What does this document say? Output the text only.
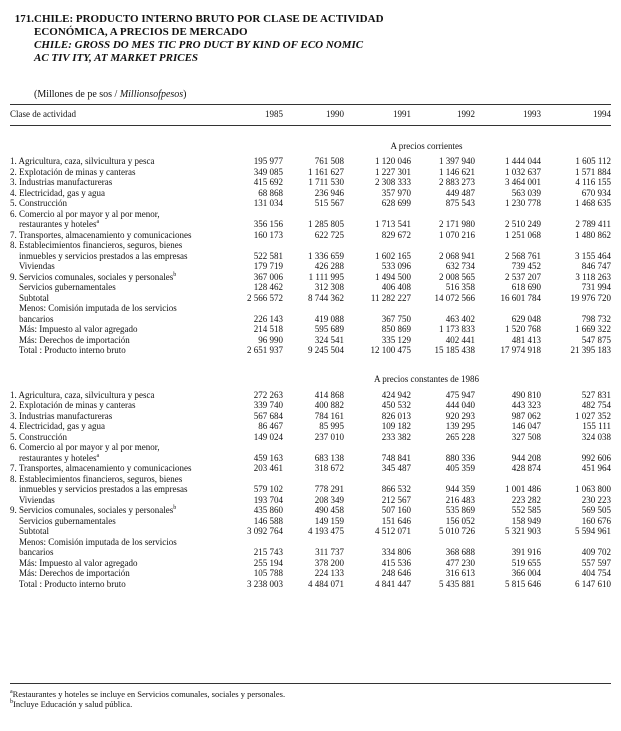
171.CHILE: PRODUCTO INTERNO BRUTO POR CLASE DE ACTIVIDAD
ECONÓMICA, A PRECIOS DE MERCADO
CHILE: GROSS DO MES TIC PRO DUCT BY KIND OF ECO NOMIC
AC TIV ITY, AT MARKET PRICES
(Millones de pe sos / Millionsofpesos)
Clase de actividad	1985	1990	1991	1992	1993	1994

	A precios corrientes					
1. Agricultura, caza, silvicultura y pesca	195 977	761 508	1 120 046	1 397 940	1 444 044	1 605 112
2. Explotación de minas y canteras	349 085	1 161 627	1 227 301	1 146 621	1 032 637	1 571 884
3. Industrias manufactureras	415 692	1 711 530	2 308 333	2 883 273	3 464 001	4 116 155
4. Electricidad, gas y agua	68 868	236 946	357 970	449 487	563 039	670 934
5. Construcción	131 034	515 567	628 699	875 543	1 230 778	1 468 635
6. Comercio al por mayor y al por menor,						
restaurantes y hoteles$^a$	356 156	1 285 805	1 713 541	2 171 980	2 510 249	2 789 411
7. Transportes, almacenamiento y comunicaciones	160 173	622 725	829 672	1 070 216	1 251 068	1 480 862
8. Establecimientos financieros, seguros, bienes						
inmuebles y servicios prestados a las empresas	522 581	1 336 659	1 602 165	2 068 941	2 568 761	3 155 464
Viviendas	179 719	426 288	533 096	632 734	739 452	846 747
9. Servicios comunales, sociales y personales$^b$	367 006	1 111 995	1 494 500	2 008 565	2 537 207	3 118 263
Servicios gubernamentales	128 462	312 308	406 408	516 358	618 690	731 994
Subtotal	2 566 572	8 744 362	11 282 227	14 072 566	16 601 784	19 976 720
Menos: Comisión imputada de los servicios						
bancarios	226 143	419 088	367 750	463 402	629 048	798 732
Más: Impuesto al valor agregado	214 518	595 689	850 869	1 173 833	1 520 768	1 669 322
Más: Derechos de importación	96 990	324 541	335 129	402 441	481 413	547 875
Total : Producto interno bruto	2 651 937	9 245 504	12 100 475	15 185 438	17 974 918	21 395 183

	A precios constantes de 1986					
1. Agricultura, caza, silvicultura y pesca	272 263	414 868	424 942	475 947	490 810	527 831
2. Explotación de minas y canteras	339 740	400 882	450 532	444 040	443 323	482 754
3. Industrias manufactureras	567 684	784 161	826 013	920 293	987 062	1 027 352
4. Electricidad, gas y agua	86 467	85 995	109 182	139 295	146 047	155 111
5. Construcción	149 024	237 010	233 382	265 228	327 508	324 038
6. Comercio al por mayor y al por menor,						
restaurantes y hoteles$^a$	459 163	683 138	748 841	880 336	944 208	992 606
7. Transportes, almacenamiento y comunicaciones	203 461	318 672	345 487	405 359	428 874	451 964
8. Establecimientos financieros, seguros, bienes						
inmuebles y servicios prestados a las empresas	579 102	778 291	866 532	944 359	1 001 486	1 063 800
Viviendas	193 704	208 349	212 567	216 483	223 282	230 223
9. Servicios comunales, sociales y personales$^b$	435 860	490 458	507 160	535 869	552 585	569 505
Servicios gubernamentales	146 588	149 159	151 646	156 052	158 949	160 676
Subtotal	3 092 764	4 193 475	4 512 071	5 010 726	5 321 903	5 594 961
Menos: Comisión imputada de los servicios						
bancarios	215 743	311 737	334 806	368 688	391 916	409 702
Más: Impuesto al valor agregado	255 194	378 200	415 536	477 230	519 655	557 597
Más: Derechos de importación	105 788	224 133	248 646	316 613	366 004	404 754
Total : Producto interno bruto	3 238 003	4 484 071	4 841 447	5 435 881	5 815 646	6 147 610
$^a$Restaurantes y hoteles se incluye en Servicios comunales, sociales y personales.
$^b$Incluye Educación y salud pública.
